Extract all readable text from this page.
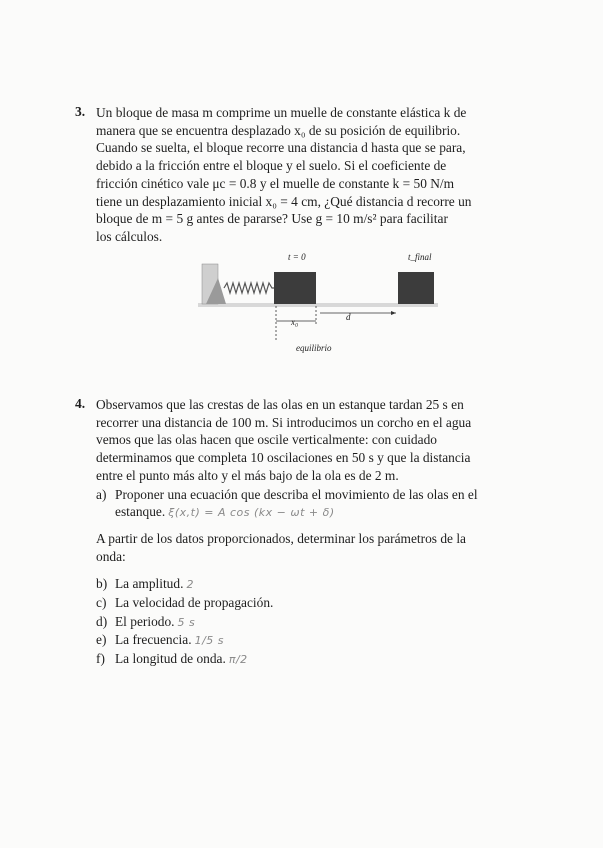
3. Un bloque de masa m comprime un muelle de constante elástica k de
manera que se encuentra desplazado x₀ de su posición de equilibrio.
Cuando se suelta, el bloque recorre una distancia d hasta que se para,
debido a la fricción entre el bloque y el suelo. Si el coeficiente de
fricción cinético vale μc = 0.8 y el muelle de constante k = 50 N/m
tiene un desplazamiento inicial x₀ = 4 cm, ¿Qué distancia d recorre un
bloque de m = 5 g antes de pararse? Use g = 10 m/s² para facilitar
los cálculos.
t = 0	t_final
x₀	d
equilibrio
4. Observamos que las crestas de las olas en un estanque tardan 25 s en
recorrer una distancia de 100 m. Si introducimos un corcho en el agua
vemos que las olas hacen que oscile verticalmente: con cuidado
determinamos que completa 10 oscilaciones en 50 s y que la distancia
entre el punto más alto y el más bajo de la ola es de 2 m.
a) Proponer una ecuación que describa el movimiento de las olas en el
estanque. ξ(x,t) = A cos (kx − ωt + δ)
A partir de los datos proporcionados, determinar los parámetros de la
onda:
b) La amplitud. 2
c) La velocidad de propagación.
d) El periodo. 5 s
e) La frecuencia. 1/5 s
f) La longitud de onda. π/2
